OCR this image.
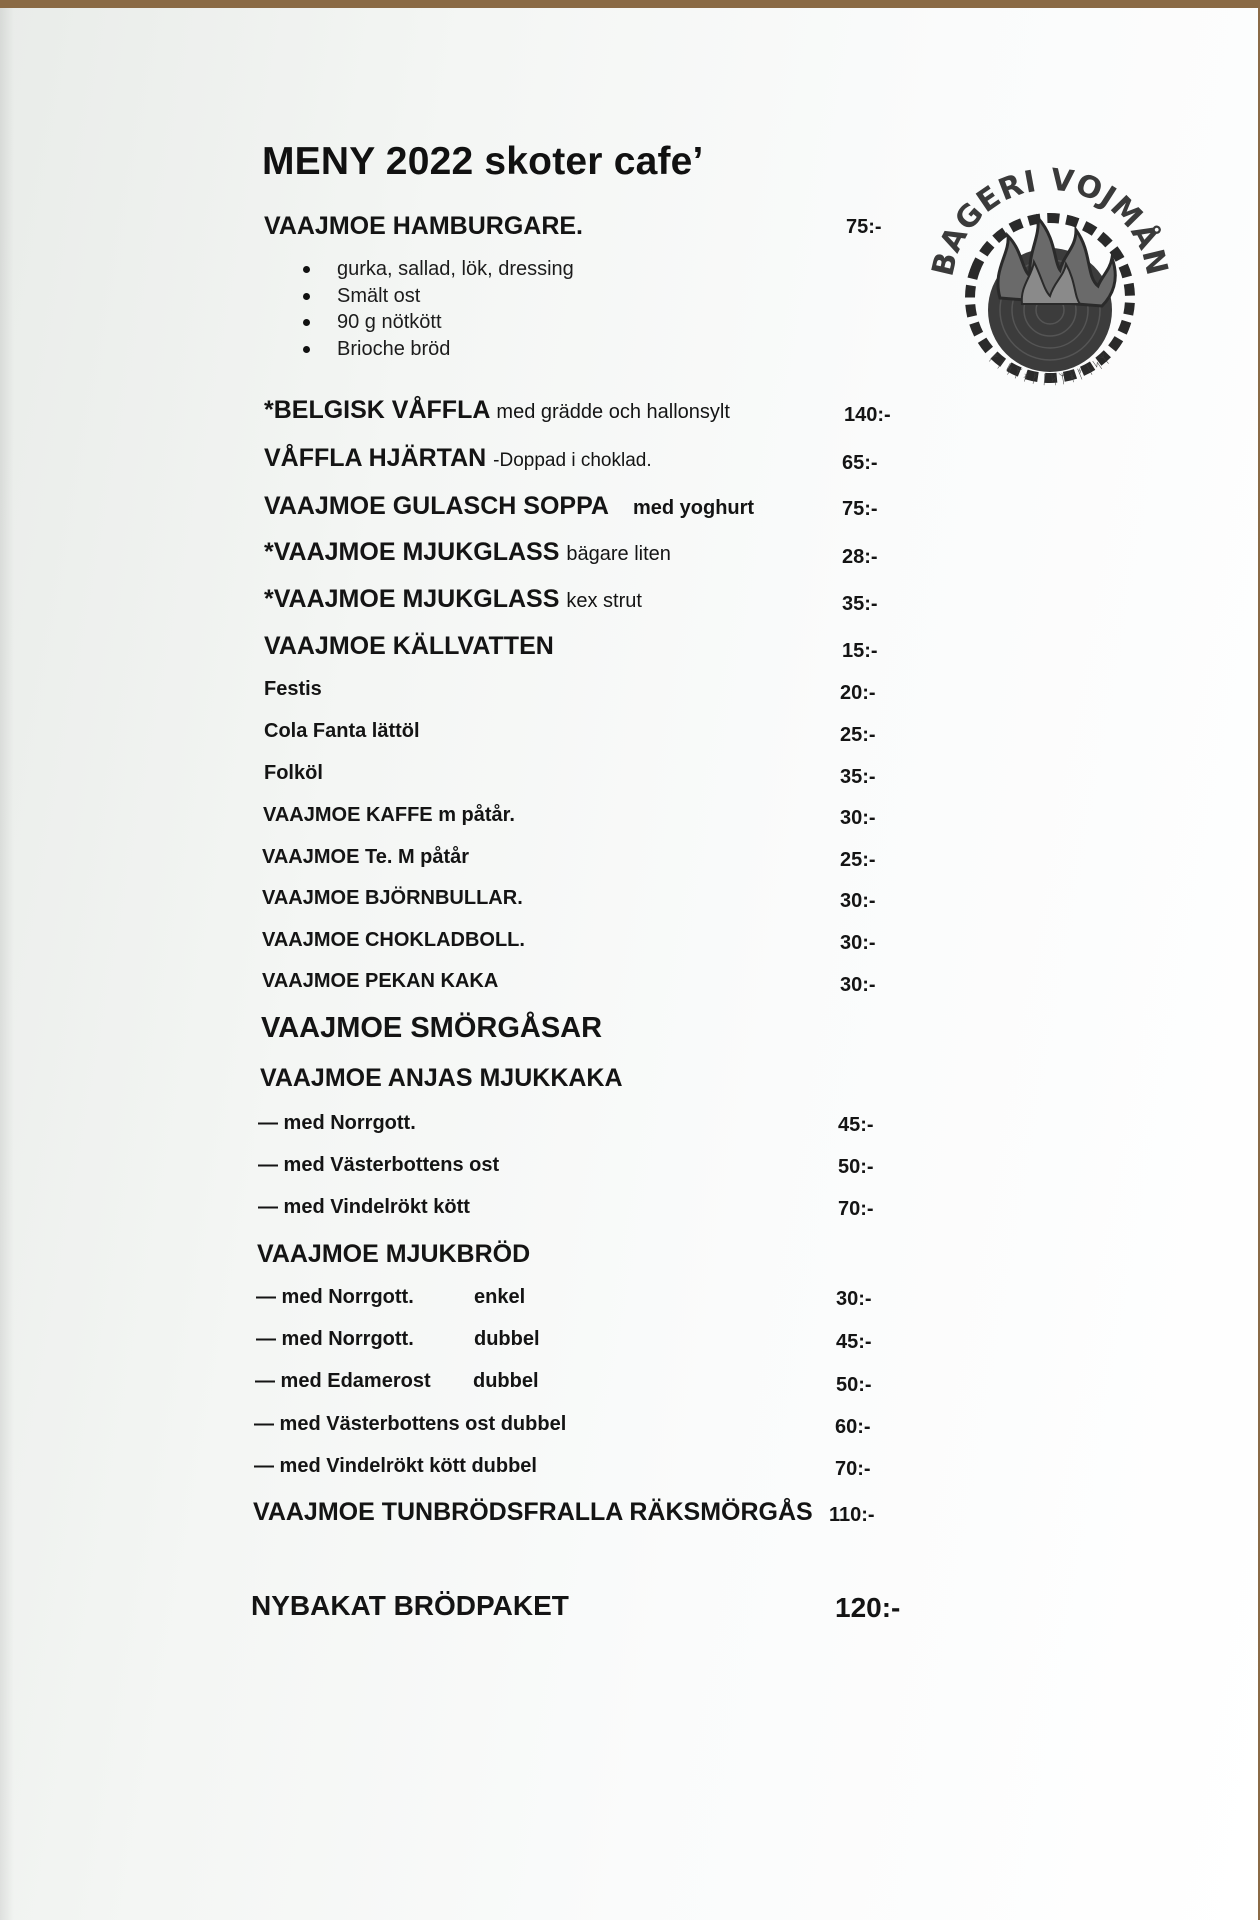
MENY 2022 skoter cafe’
VAAJMOE HAMBURGARE.	75:-
gurka, sallad, lök, dressing
Smält ost
90 g nötkött
Brioche bröd
*BELGISK VÅFFLA med grädde och hallonsylt	140:-
VÅFFLA HJÄRTAN -Doppad i choklad.	65:-
VAAJMOE GULASCH SOPPA med yoghurt	75:-
*VAAJMOE MJUKGLASS bägare liten	28:-
*VAAJMOE MJUKGLASS kex strut	35:-
VAAJMOE KÄLLVATTEN	15:-
Festis	20:-
Cola Fanta lättöl	25:-
Folköl	35:-
VAAJMOE KAFFE m påtår.	30:-
VAAJMOE Te. M påtår	25:-
VAAJMOE BJÖRNBULLAR.	30:-
VAAJMOE CHOKLADBOLL.	30:-
VAAJMOE PEKAN KAKA	30:-
VAAJMOE SMÖRGÅSAR
VAAJMOE ANJAS MJUKKAKA
— med Norrgott.	45:-
— med Västerbottens ost	50:-
— med Vindelrökt kött	70:-
VAAJMOE MJUKBRÖD
— med Norrgott.	enkel	30:-
— med Norrgott.	dubbel	45:-
— med Edamerost dubbel	50:-
— med Västerbottens ost dubbel	60:-
— med Vindelrökt kött dubbel	70:-
VAAJMOE TUNBRÖDSFRALLA RÄKSMÖRGÅS 110:-
NYBAKAT BRÖDPAKET	120:-
AGERI VOJMÅ
ᚠᛁᛋᛉᚼᚠᛁᛋᛉᚼᚠᛁᛋᛉ
